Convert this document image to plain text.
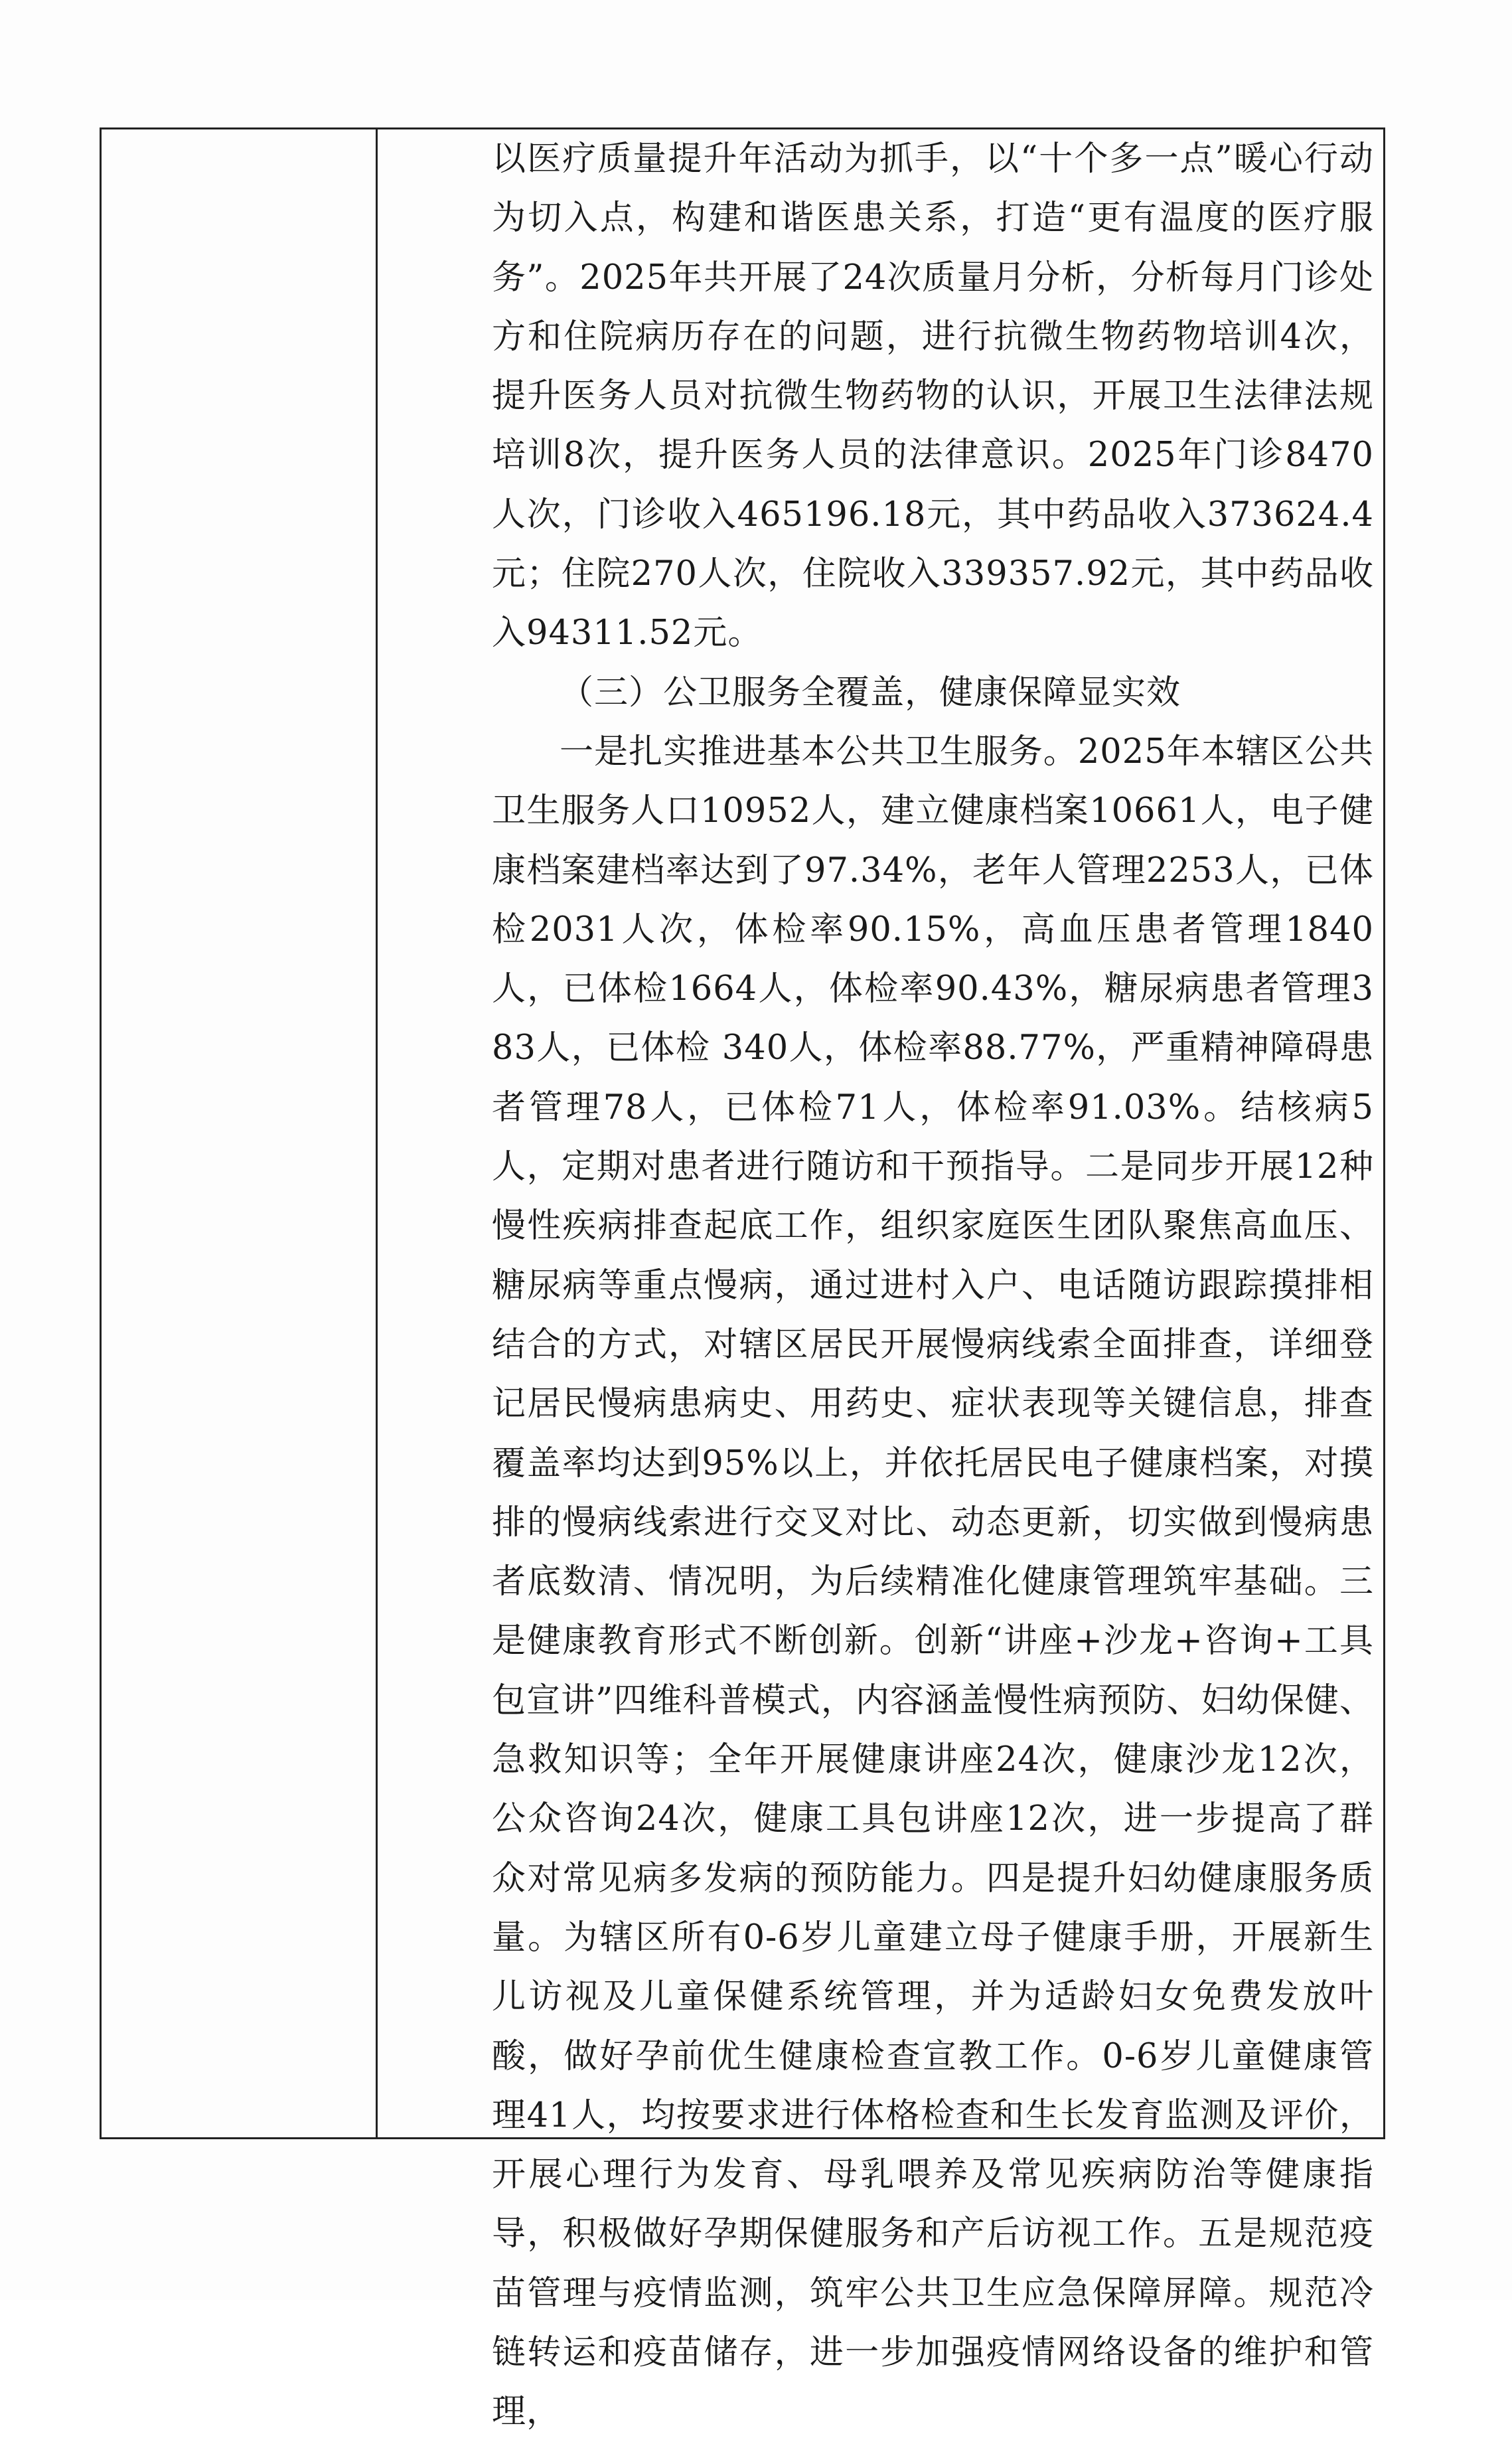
以医疗质量提升年活动为抓手，以“十个多一点”暖心行动为切入点，构建和谐医患关系，打造“更有温度的医疗服务”。2025年共开展了24次质量月分析，分析每月门诊处方和住院病历存在的问题，进行抗微生物药物培训4次，提升医务人员对抗微生物药物的认识，开展卫生法律法规培训8次，提升医务人员的法律意识。2025年门诊8470人次，门诊收入465196.18元，其中药品收入373624.4元；住院270人次，住院收入339357.92元，其中药品收入94311.52元。

（三）公卫服务全覆盖，健康保障显实效

一是扎实推进基本公共卫生服务。2025年本辖区公共卫生服务人口10952人，建立健康档案10661人，电子健康档案建档率达到了97.34%，老年人管理2253人，已体检2031人次，体检率90.15%，高血压患者管理1840人，已体检1664人，体检率90.43%，糖尿病患者管理383人，已体检 340人，体检率88.77%，严重精神障碍患者管理78人，已体检71人，体检率91.03%。结核病5人，定期对患者进行随访和干预指导。二是同步开展12种慢性疾病排查起底工作，组织家庭医生团队聚焦高血压、糖尿病等重点慢病，通过进村入户、电话随访跟踪摸排相结合的方式，对辖区居民开展慢病线索全面排查，详细登记居民慢病患病史、用药史、症状表现等关键信息，排查覆盖率均达到95%以上，并依托居民电子健康档案，对摸排的慢病线索进行交叉对比、动态更新，切实做到慢病患者底数清、情况明，为后续精准化健康管理筑牢基础。三是健康教育形式不断创新。创新“讲座+沙龙+咨询+工具包宣讲”四维科普模式，内容涵盖慢性病预防、妇幼保健、急救知识等；全年开展健康讲座24次，健康沙龙12次，公众咨询24次，健康工具包讲座12次，进一步提高了群众对常见病多发病的预防能力。四是提升妇幼健康服务质量。为辖区所有0-6岁儿童建立母子健康手册，开展新生儿访视及儿童保健系统管理，并为适龄妇女免费发放叶酸，做好孕前优生健康检查宣教工作。0-6岁儿童健康管理41人，均按要求进行体格检查和生长发育监测及评价，开展心理行为发育、母乳喂养及常见疾病防治等健康指导，积极做好孕期保健服务和产后访视工作。五是规范疫苗管理与疫情监测，筑牢公共卫生应急保障屏障。规范冷链转运和疫苗储存，进一步加强疫情网络设备的维护和管理，
